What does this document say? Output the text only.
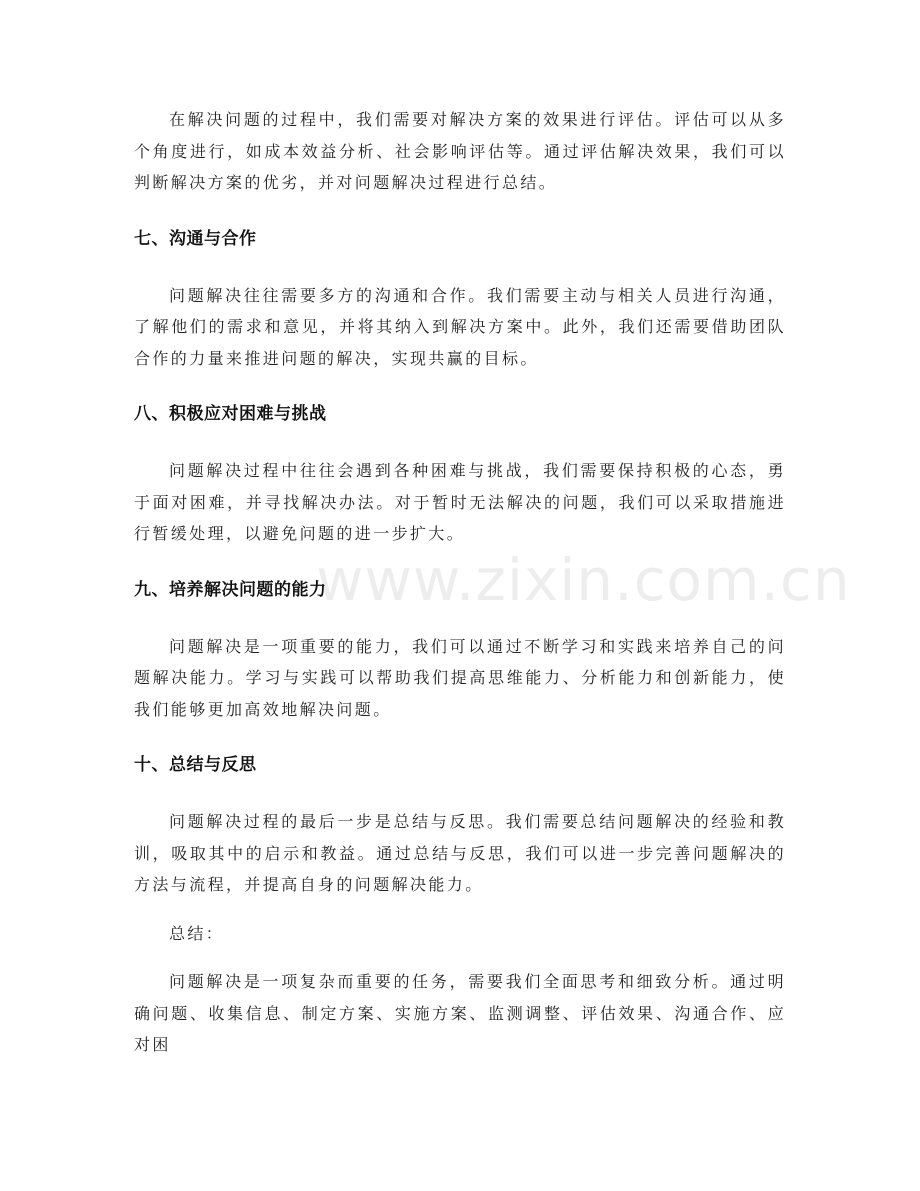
在解决问题的过程中，我们需要对解决方案的效果进行评估。评估可以从多个角度进行，如成本效益分析、社会影响评估等。通过评估解决效果，我们可以判断解决方案的优劣，并对问题解决过程进行总结。

七、沟通与合作

问题解决往往需要多方的沟通和合作。我们需要主动与相关人员进行沟通，了解他们的需求和意见，并将其纳入到解决方案中。此外，我们还需要借助团队合作的力量来推进问题的解决，实现共赢的目标。

八、积极应对困难与挑战

问题解决过程中往往会遇到各种困难与挑战，我们需要保持积极的心态，勇于面对困难，并寻找解决办法。对于暂时无法解决的问题，我们可以采取措施进行暂缓处理，以避免问题的进一步扩大。

九、培养解决问题的能力

问题解决是一项重要的能力，我们可以通过不断学习和实践来培养自己的问题解决能力。学习与实践可以帮助我们提高思维能力、分析能力和创新能力，使我们能够更加高效地解决问题。

十、总结与反思

问题解决过程的最后一步是总结与反思。我们需要总结问题解决的经验和教训，吸取其中的启示和教益。通过总结与反思，我们可以进一步完善问题解决的方法与流程，并提高自身的问题解决能力。

总结：

问题解决是一项复杂而重要的任务，需要我们全面思考和细致分析。通过明确问题、收集信息、制定方案、实施方案、监测调整、评估效果、沟通合作、应对困

www.zixin.com.cn
